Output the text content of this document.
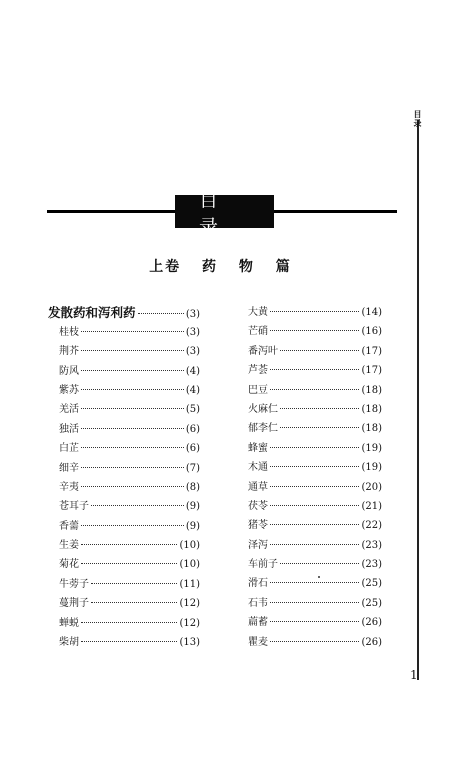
目录
1
目 录
上卷 药 物 篇
发散药和泻利药	(3)
桂枝	(3)
荆芥	(3)
防风	(4)
紫苏	(4)
羌活	(5)
独活	(6)
白芷	(6)
细辛	(7)
辛夷	(8)
苍耳子	(9)
香薷	(9)
生姜	(10)
菊花	(10)
牛蒡子	(11)
蔓荆子	(12)
蝉蜕	(12)
柴胡	(13)
大黄	(14)
芒硝	(16)
番泻叶	(17)
芦荟	(17)
巴豆	(18)
火麻仁	(18)
郁李仁	(18)
蜂蜜	(19)
木通	(19)
通草	(20)
茯苓	(21)
猪苓	(22)
泽泻	(23)
车前子	(23)
滑石	(25)
石韦	(25)
萹蓄	(26)
瞿麦	(26)
